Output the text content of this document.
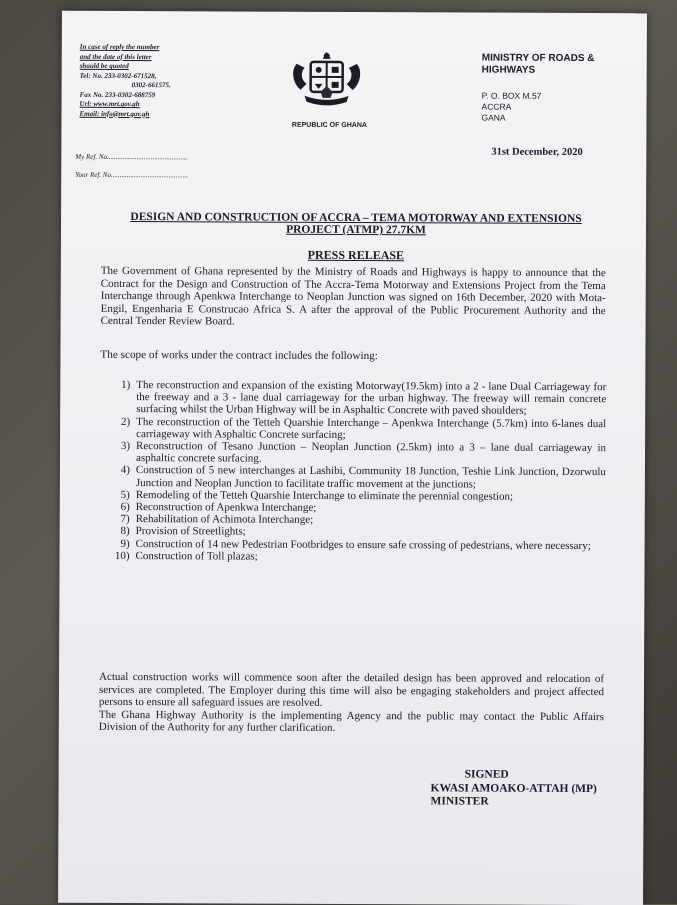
In case of reply the number
and the date of this letter
should be quoted
Tel: No. 233-0302-671528,
0302-661575.
Fax No. 233-0302-688759
Url: www.mrt.gov.gh
Email: info@mrt.gov.gh
My Ref. No..............................................
Your Ref. No............................................
REPUBLIC OF GHANA
MINISTRY OF ROADS &
HIGHWAYS
P. O. BOX M.57
ACCRA
GANA
31st December, 2020
DESIGN AND CONSTRUCTION OF ACCRA – TEMA MOTORWAY AND EXTENSIONS PROJECT (ATMP) 27.7KM
PRESS RELEASE
The Government of Ghana represented by the Ministry of Roads and Highways is happy to announce that the Contract for the Design and Construction of The Accra-Tema Motorway and Extensions Project from the Tema Interchange through Apenkwa Interchange to Neoplan Junction was signed on 16th December, 2020 with Mota-Engil, Engenharia E Construcao Africa S. A after the approval of the Public Procurement Authority and the Central Tender Review Board.
The scope of works under the contract includes the following:
1) The reconstruction and expansion of the existing Motorway(19.5km) into a 2 - lane Dual Carriageway for the freeway and a 3 - lane dual carriageway for the urban highway. The freeway will remain concrete surfacing whilst the Urban Highway will be in Asphaltic Concrete with paved shoulders;
2) The reconstruction of the Tetteh Quarshie Interchange – Apenkwa Interchange (5.7km) into 6-lanes dual carriageway with Asphaltic Concrete surfacing;
3) Reconstruction of Tesano Junction – Neoplan Junction (2.5km) into a 3 – lane dual carriageway in asphaltic concrete surfacing.
4) Construction of 5 new interchanges at Lashibi, Community 18 Junction, Teshie Link Junction, Dzorwulu Junction and Neoplan Junction to facilitate traffic movement at the junctions;
5) Remodeling of the Tetteh Quarshie Interchange to eliminate the perennial congestion;
6) Reconstruction of Apenkwa Interchange;
7) Rehabilitation of Achimota Interchange;
8) Provision of Streetlights;
9) Construction of 14 new Pedestrian Footbridges to ensure safe crossing of pedestrians, where necessary;
10) Construction of Toll plazas;
Actual construction works will commence soon after the detailed design has been approved and relocation of services are completed. The Employer during this time will also be engaging stakeholders and project affected persons to ensure all safeguard issues are resolved.
The Ghana Highway Authority is the implementing Agency and the public may contact the Public Affairs Division of the Authority for any further clarification.
SIGNED
KWASI AMOAKO-ATTAH (MP)
MINISTER
